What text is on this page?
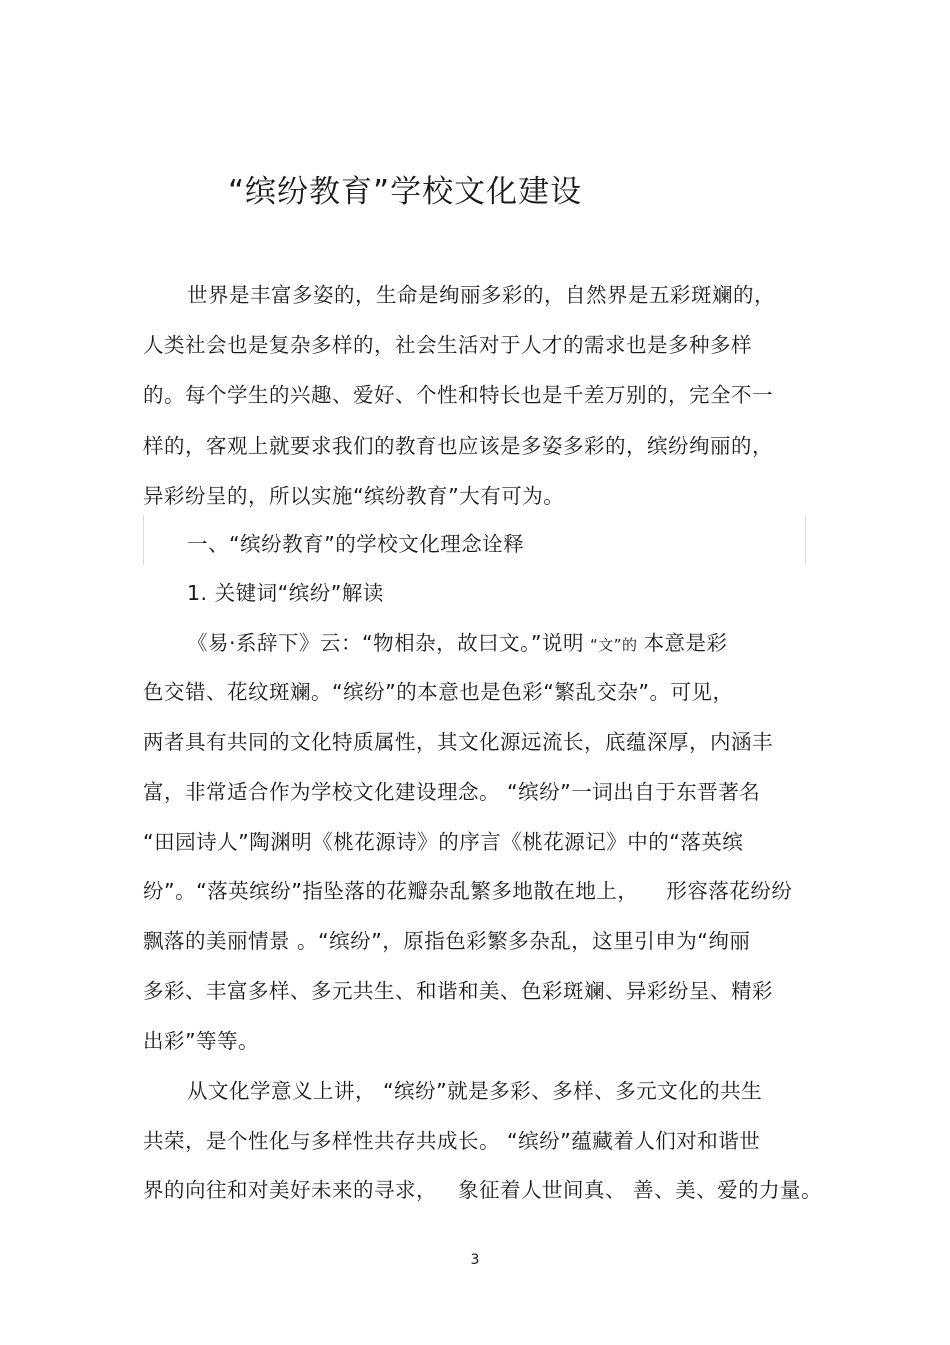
“缤纷教育”学校文化建设
世界是丰富多姿的，生命是绚丽多彩的，自然界是五彩斑斓的，
人类社会也是复杂多样的，社会生活对于人才的需求也是多种多样
的。每个学生的兴趣、爱好、个性和特长也是千差万别的，完全不一
样的，客观上就要求我们的教育也应该是多姿多彩的，缤纷绚丽的，
异彩纷呈的，所以实施“缤纷教育”大有可为。
一、“缤纷教育”的学校文化理念诠释
1. 关键词“缤纷”解读
《易·系辞下》云：“物相杂，故曰文。”说明 “文”的 本意是彩
色交错、花纹斑斓。“缤纷”的本意也是色彩“繁乱交杂”。可见，
两者具有共同的文化特质属性，其文化源远流长，底蕴深厚，内涵丰
富，非常适合作为学校文化建设理念。 “缤纷”一词出自于东晋著名
“田园诗人”陶渊明《桃花源诗》的序言《桃花源记》中的“落英缤
纷”。“落英缤纷”指坠落的花瓣杂乱繁多地散在地上，    形容落花纷纷
飘落的美丽情景 。“缤纷”，原指色彩繁多杂乱，这里引申为“绚丽
多彩、丰富多样、多元共生、和谐和美、色彩斑斓、异彩纷呈、精彩
出彩”等等。
从文化学意义上讲， “缤纷”就是多彩、多样、多元文化的共生
共荣，是个性化与多样性共存共成长。 “缤纷”蕴藏着人们对和谐世
界的向往和对美好未来的寻求，   象征着人世间真、 善、美、爱的力量。
3
